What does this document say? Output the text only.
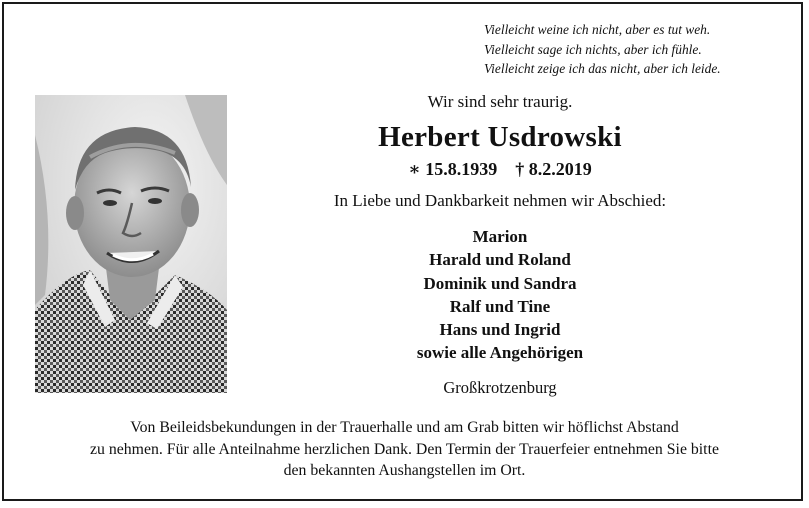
Vielleicht weine ich nicht, aber es tut weh.
Vielleicht sage ich nichts, aber ich fühle.
Vielleicht zeige ich das nicht, aber ich leide.
Wir sind sehr traurig.
Herbert Usdrowski
∗ 15.8.1939 † 8.2.2019
In Liebe und Dankbarkeit nehmen wir Abschied:
Marion
Harald und Roland
Dominik und Sandra
Ralf und Tine
Hans und Ingrid
sowie alle Angehörigen
Großkrotzenburg
Von Beileidsbekundungen in der Trauerhalle und am Grab bitten wir höflichst Abstand
zu nehmen. Für alle Anteilnahme herzlichen Dank. Den Termin der Trauerfeier entnehmen Sie bitte
den bekannten Aushangstellen im Ort.
